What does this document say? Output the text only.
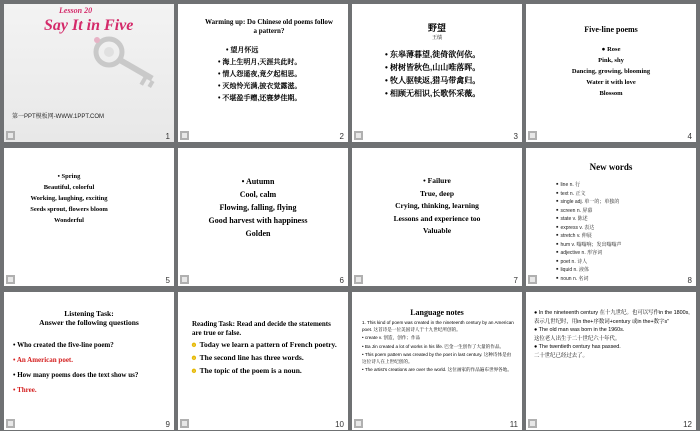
Lesson 20
Say It in Five
第一PPT模板网-WWW.1PPT.COM
1
Warming up: Do Chinese old poems follow a pattern?
• 望月怀远
• 海上生明月,天涯共此时。
• 情人怨遥夜,竟夕起相思。
• 灭烛怜光满,披衣觉露滋。
• 不堪盈手赠,还寝梦佳期。
2
野望
王绩
• 东皋薄暮望,徙倚欲何依。
• 树树皆秋色,山山唯落晖。
• 牧人驱犊返,猎马带禽归。
• 相顾无相识,长歌怀采薇。
3
Five-line poems
● Rose
Pink, shy
Dancing, growing, blooming
Water it with love
Blossom
4
• Spring
Beautiful, colorful
Working, laughing, exciting
Seeds sprout, flowers bloom
Wonderful
5
• Autumn
Cool, calm
Flowing, falling, flying
Good harvest with happiness
Golden
6
• Failure
True, deep
Crying, thinking, learning
Lessons and experience too
Valuable
7
New words
▪ line n. 行
▪ text n. 正文
▪ single adj. 单一的；单独的
▪ screen n. 屏幕
▪ state v. 陈述
▪ express v. 表达
▪ stretch v. 伸展
▪ hum v. 嗡嗡响；发出嗡嗡声
▪ adjective n. 形容词
▪ poet n. 诗人
▪ liquid n. 液体
▪ noun n. 名词	8
Listening Task:
Answer the following questions
• Who created the five-line poem?
• An American poet.
• How many poems does the text show us?
• Three.
9
Reading Task: Read and decide the statements are true or false.
☻ Today we learn a pattern of French poetry.
☻ The second line has three words.
☻ The topic of the poem is a noun.
10
Language notes
1. This kind of poem was created in the nineteenth century by an American poet. 这首诗是一位美国诗人于十九世纪所创的。
• create v. 创造，创作；作品
• Ba Jin created a lot of works in his life. 巴金一生创作了大量的作品。
• This poem pattern was created by the poet in last century. 这种诗体是由这位诗人在上世纪创的。
• The artist's creations are over the world. 这位画家的作品遍布世界各地。
11
● In the nineteenth century 在十九世纪。也可以写作in the 1800s,表示几世纪时，用in the+序数词+century 或in the+数字s”
● The old man was born in the 1960s.
这位老人出生于二十世纪六十年代。
● The twentieth century has passed.
二十世纪已经过去了。
12
